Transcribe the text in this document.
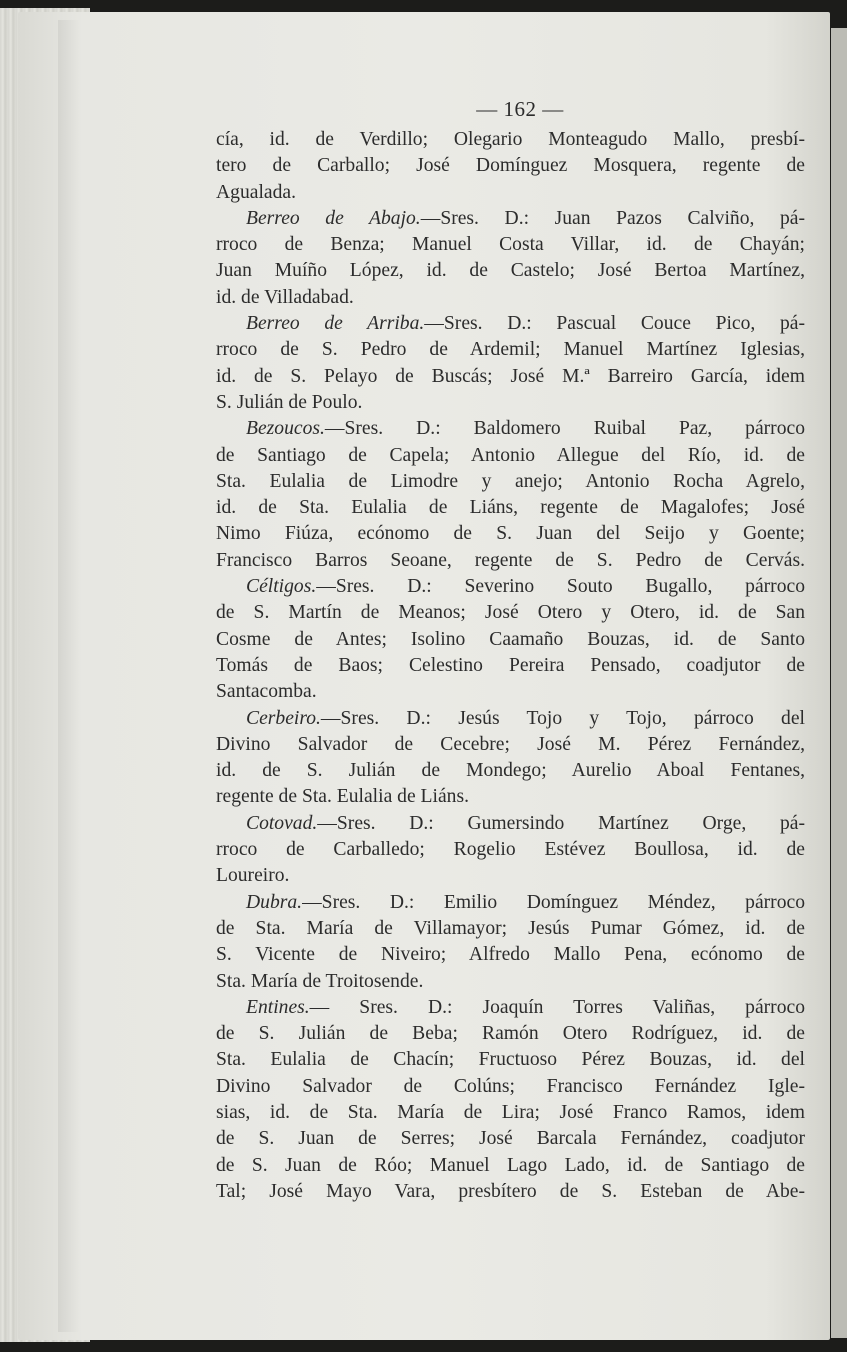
— 162 —
cía, id. de Verdillo; Olegario Monteagudo Mallo, presbí-
tero de Carballo; José Domínguez Mosquera, regente de
Agualada.
Berreo de Abajo.—Sres. D.: Juan Pazos Calviño, pá-
rroco de Benza; Manuel Costa Villar, id. de Chayán;
Juan Muíño López, id. de Castelo; José Bertoa Martínez,
id. de Villadabad.
Berreo de Arriba.—Sres. D.: Pascual Couce Pico, pá-
rroco de S. Pedro de Ardemil; Manuel Martínez Iglesias,
id. de S. Pelayo de Buscás; José M.ª Barreiro García, idem
S. Julián de Poulo.
Bezoucos.—Sres. D.: Baldomero Ruibal Paz, párroco
de Santiago de Capela; Antonio Allegue del Río, id. de
Sta. Eulalia de Limodre y anejo; Antonio Rocha Agrelo,
id. de Sta. Eulalia de Liáns, regente de Magalofes; José
Nimo Fiúza, ecónomo de S. Juan del Seijo y Goente;
Francisco Barros Seoane, regente de S. Pedro de Cervás.
Céltigos.—Sres. D.: Severino Souto Bugallo, párroco
de S. Martín de Meanos; José Otero y Otero, id. de San
Cosme de Antes; Isolino Caamaño Bouzas, id. de Santo
Tomás de Baos; Celestino Pereira Pensado, coadjutor de
Santacomba.
Cerbeiro.—Sres. D.: Jesús Tojo y Tojo, párroco del
Divino Salvador de Cecebre; José M. Pérez Fernández,
id. de S. Julián de Mondego; Aurelio Aboal Fentanes,
regente de Sta. Eulalia de Liáns.
Cotovad.—Sres. D.: Gumersindo Martínez Orge, pá-
rroco de Carballedo; Rogelio Estévez Boullosa, id. de
Loureiro.
Dubra.—Sres. D.: Emilio Domínguez Méndez, párroco
de Sta. María de Villamayor; Jesús Pumar Gómez, id. de
S. Vicente de Niveiro; Alfredo Mallo Pena, ecónomo de
Sta. María de Troitosende.
Entines.— Sres. D.: Joaquín Torres Valiñas, párroco
de S. Julián de Beba; Ramón Otero Rodríguez, id. de
Sta. Eulalia de Chacín; Fructuoso Pérez Bouzas, id. del
Divino Salvador de Colúns; Francisco Fernández Igle-
sias, id. de Sta. María de Lira; José Franco Ramos, idem
de S. Juan de Serres; José Barcala Fernández, coadjutor
de S. Juan de Róo; Manuel Lago Lado, id. de Santiago de
Tal; José Mayo Vara, presbítero de S. Esteban de Abe-
